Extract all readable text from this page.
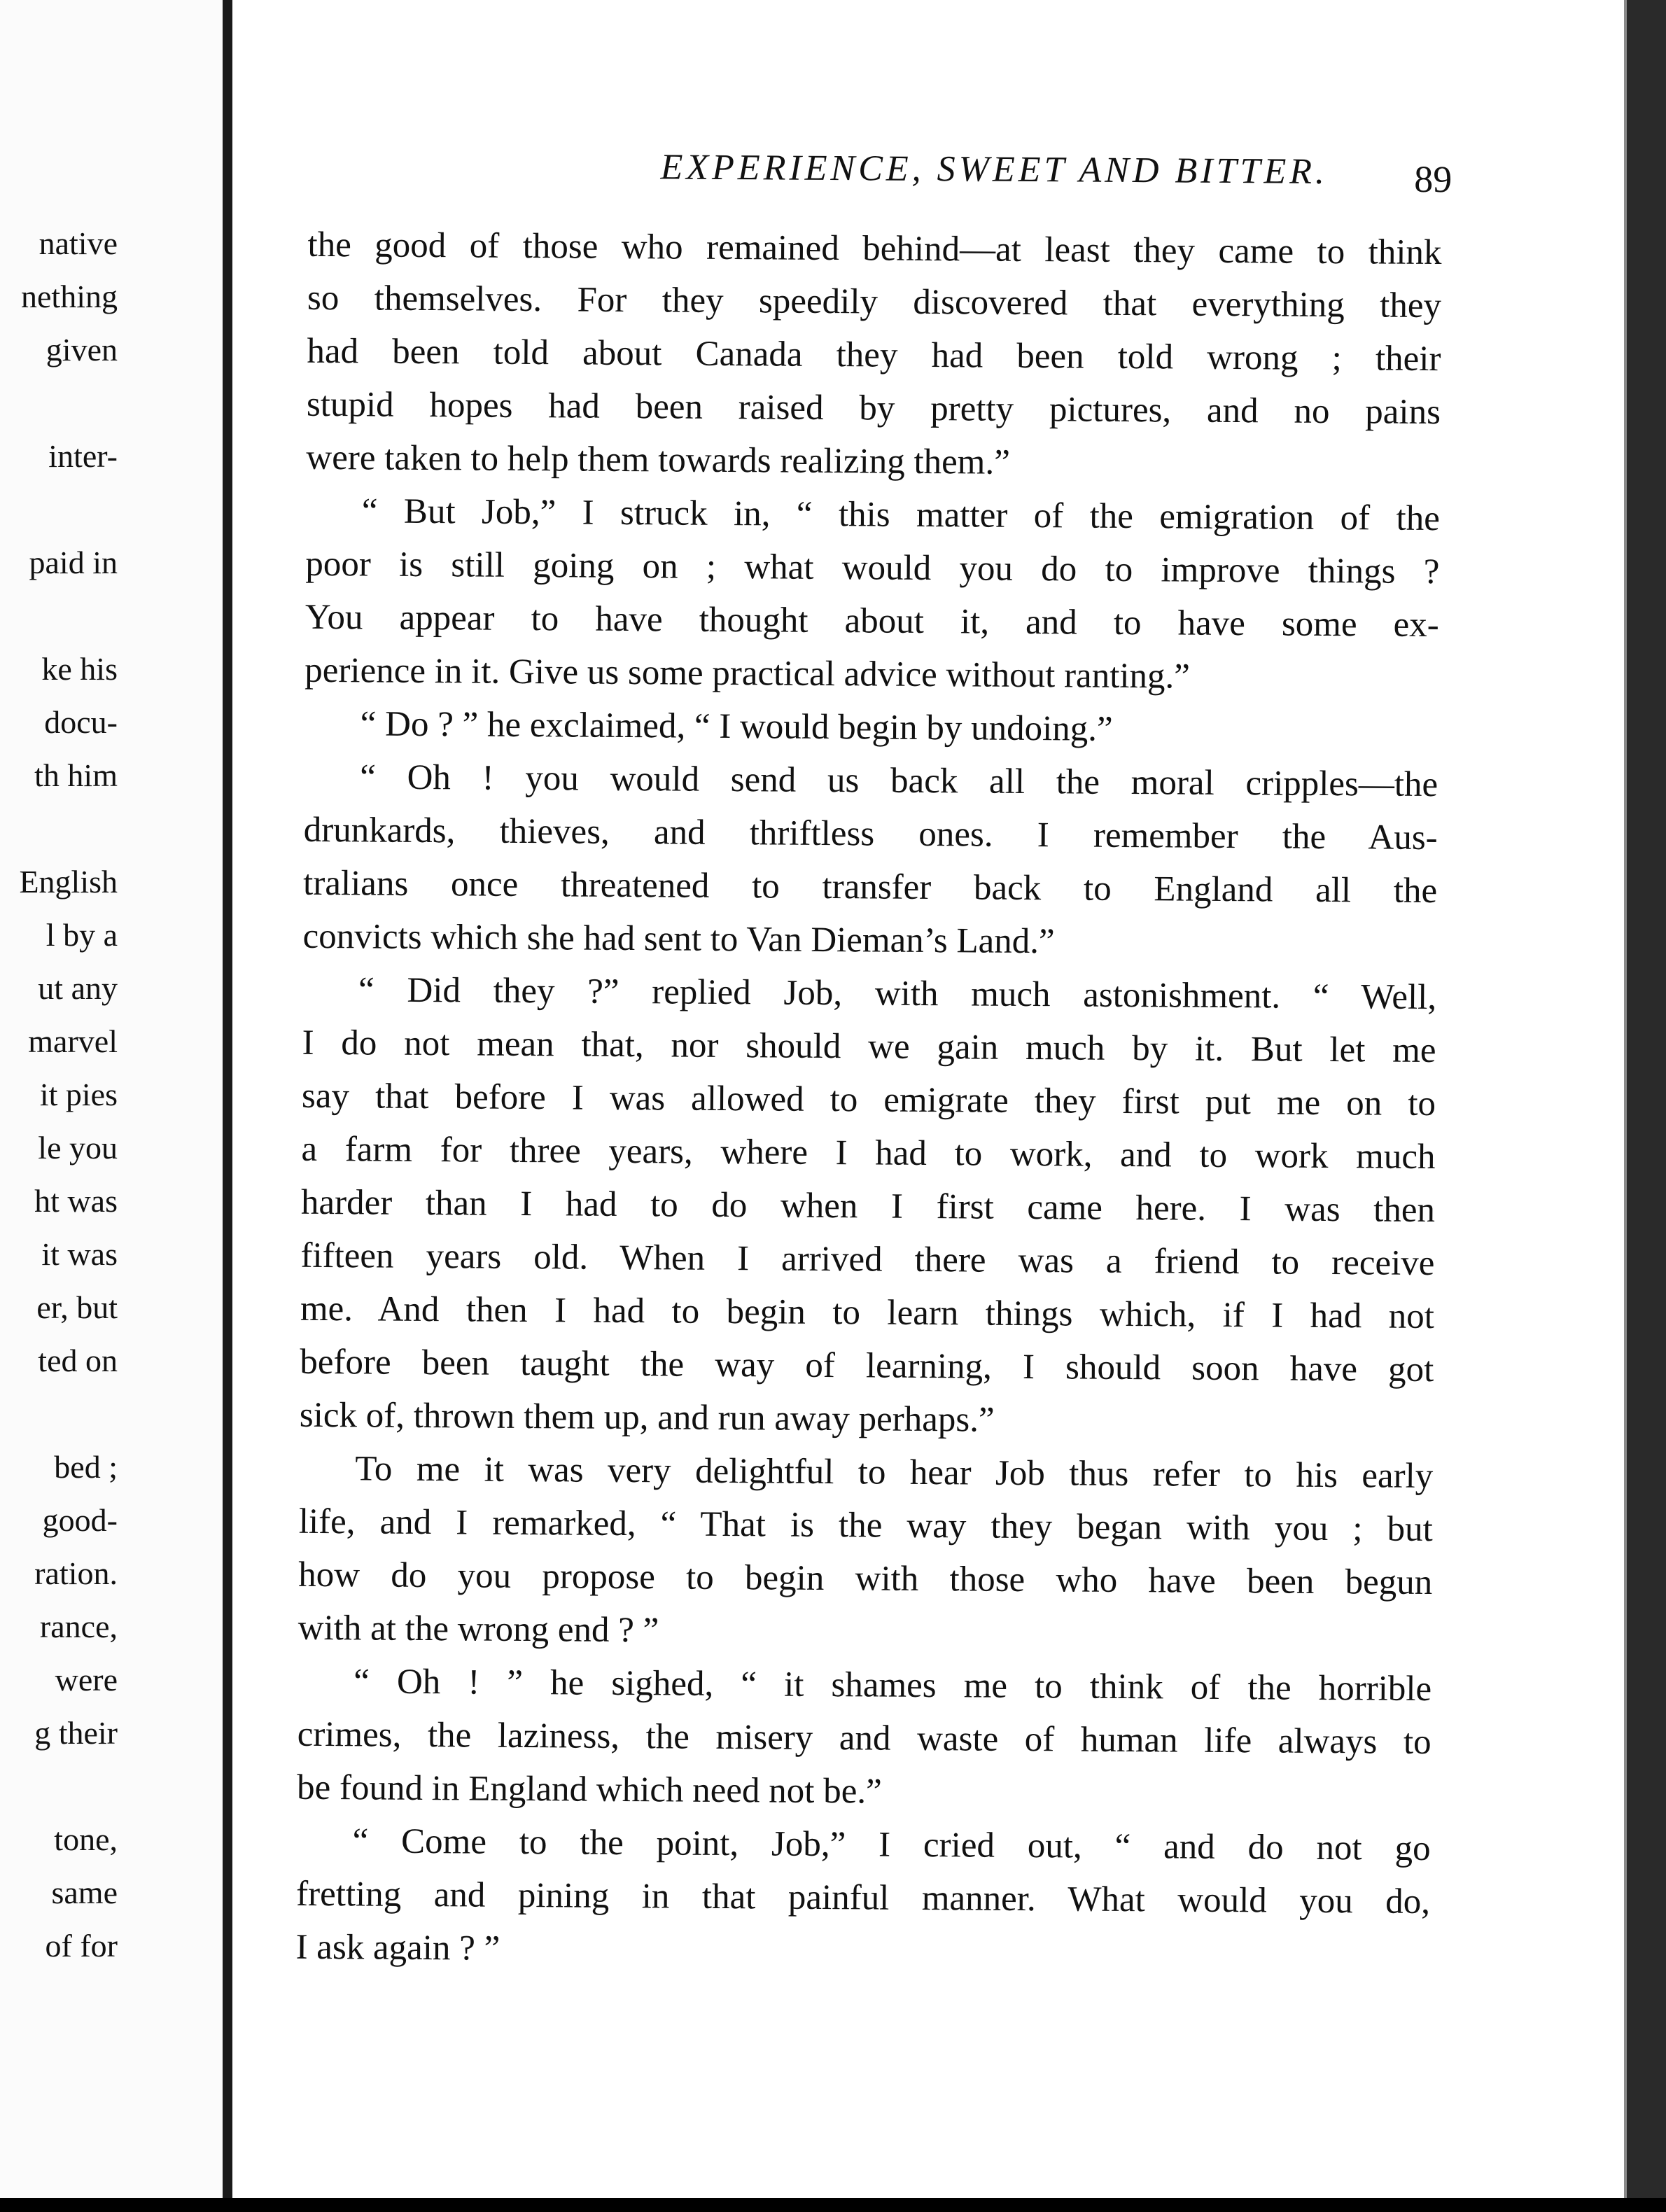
native
nething
given
inter-
paid in
ke his
docu-
th him
English
l by a
ut any
marvel
it pies
le you
ht was
it was
er, but
ted on
bed ;
good-
ration.
rance,
were
g their
tone,
same
of for
EXPERIENCE, SWEET AND BITTER.	89
the good of those who remained behind—at least they came to think
so themselves. For they speedily discovered that everything they
had been told about Canada they had been told wrong ; their
stupid hopes had been raised by pretty pictures, and no pains
were taken to help them towards realizing them.”
“ But Job,” I struck in, “ this matter of the emigration of the
poor is still going on ; what would you do to improve things ?
You appear to have thought about it, and to have some ex-
perience in it. Give us some practical advice without ranting.”
“ Do ? ” he exclaimed, “ I would begin by undoing.”
“ Oh ! you would send us back all the moral cripples—the
drunkards, thieves, and thriftless ones. I remember the Aus-
tralians once threatened to transfer back to England all the
convicts which she had sent to Van Dieman’s Land.”
“ Did they ?” replied Job, with much astonishment. “ Well,
I do not mean that, nor should we gain much by it. But let me
say that before I was allowed to emigrate they first put me on to
a farm for three years, where I had to work, and to work much
harder than I had to do when I first came here. I was then
fifteen years old. When I arrived there was a friend to receive
me. And then I had to begin to learn things which, if I had not
before been taught the way of learning, I should soon have got
sick of, thrown them up, and run away perhaps.”
To me it was very delightful to hear Job thus refer to his early
life, and I remarked, “ That is the way they began with you ; but
how do you propose to begin with those who have been begun
with at the wrong end ? ”
“ Oh ! ” he sighed, “ it shames me to think of the horrible
crimes, the laziness, the misery and waste of human life always to
be found in England which need not be.”
“ Come to the point, Job,” I cried out, “ and do not go
fretting and pining in that painful manner. What would you do,
I ask again ? ”
